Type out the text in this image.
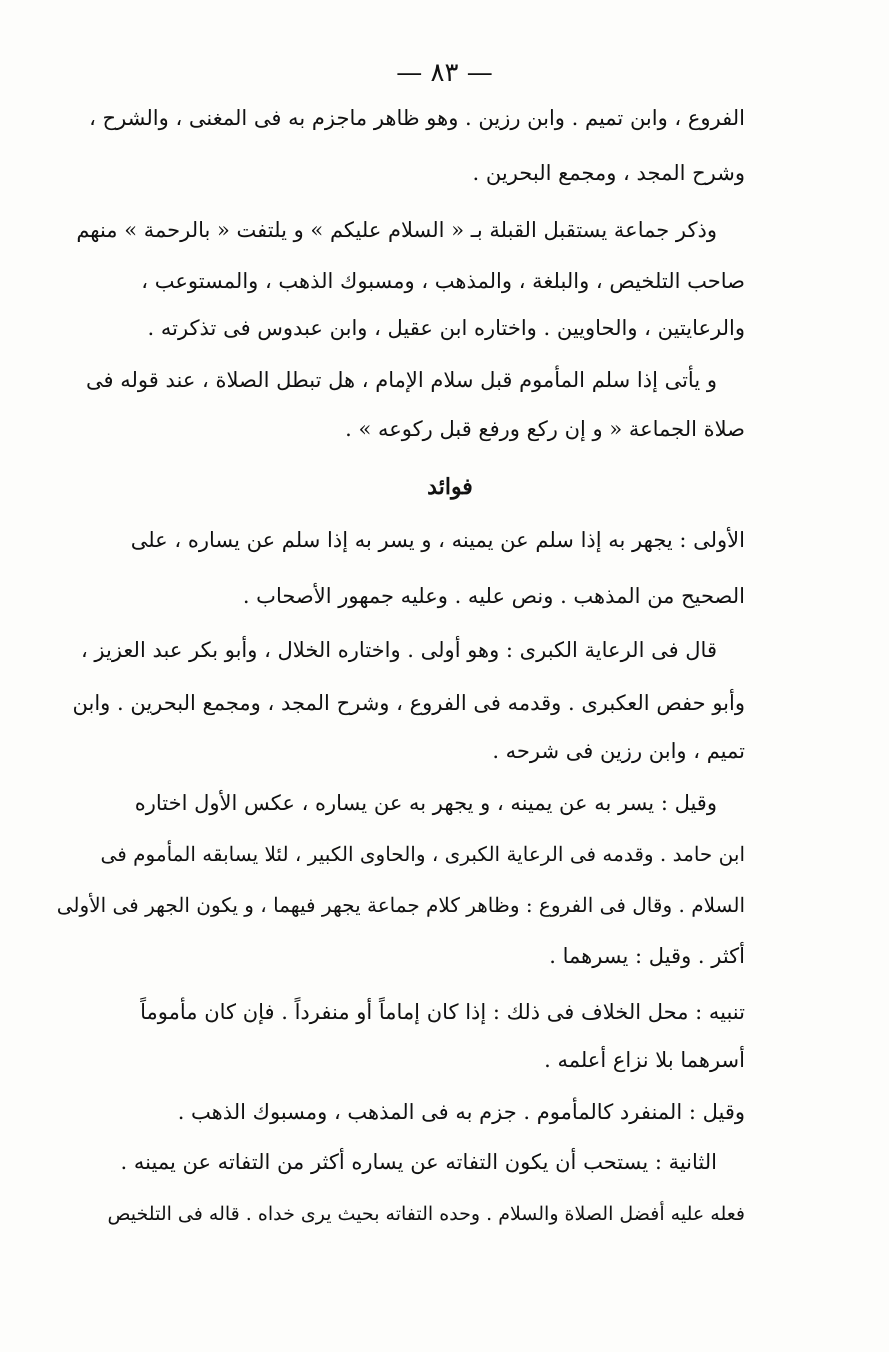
— ٨٣ —
الفروع ، وابن تميم . وابن رزين . وهو ظاهر ماجزم به فى المغنى ، والشرح ،
وشرح المجد ، ومجمع البحرين .
وذكر جماعة يستقبل القبلة بـ « السلام عليكم » و يلتفت « بالرحمة » منهم
صاحب التلخيص ، والبلغة ، والمذهب ، ومسبوك الذهب ، والمستوعب ،
والرعايتين ، والحاويين . واختاره ابن عقيل ، وابن عبدوس فى تذكرته .
و يأتى إذا سلم المأموم قبل سلام الإمام ، هل تبطل الصلاة ، عند قوله فى
صلاة الجماعة « و إن ركع ورفع قبل ركوعه » .
فوائد
الأولى : يجهر به إذا سلم عن يمينه ، و يسر به إذا سلم عن يساره ، على
الصحيح من المذهب . ونص عليه . وعليه جمهور الأصحاب .
قال فى الرعاية الكبرى : وهو أولى . واختاره الخلال ، وأبو بكر عبد العزيز ،
وأبو حفص العكبرى . وقدمه فى الفروع ، وشرح المجد ، ومجمع البحرين . وابن
تميم ، وابن رزين فى شرحه .
وقيل : يسر به عن يمينه ، و يجهر به عن يساره ، عكس الأول اختاره
ابن حامد . وقدمه فى الرعاية الكبرى ، والحاوى الكبير ، لئلا يسابقه المأموم فى
السلام . وقال فى الفروع : وظاهر كلام جماعة يجهر فيهما ، و يكون الجهر فى الأولى
أكثر . وقيل : يسرهما .
تنبيه : محل الخلاف فى ذلك : إذا كان إماماً أو منفرداً . فإن كان مأموماً
أسرهما بلا نزاع أعلمه .
وقيل : المنفرد كالمأموم . جزم به فى المذهب ، ومسبوك الذهب .
الثانية : يستحب أن يكون التفاته عن يساره أكثر من التفاته عن يمينه .
فعله عليه أفضل الصلاة والسلام . وحده التفاته بحيث يرى خداه . قاله فى التلخيص
